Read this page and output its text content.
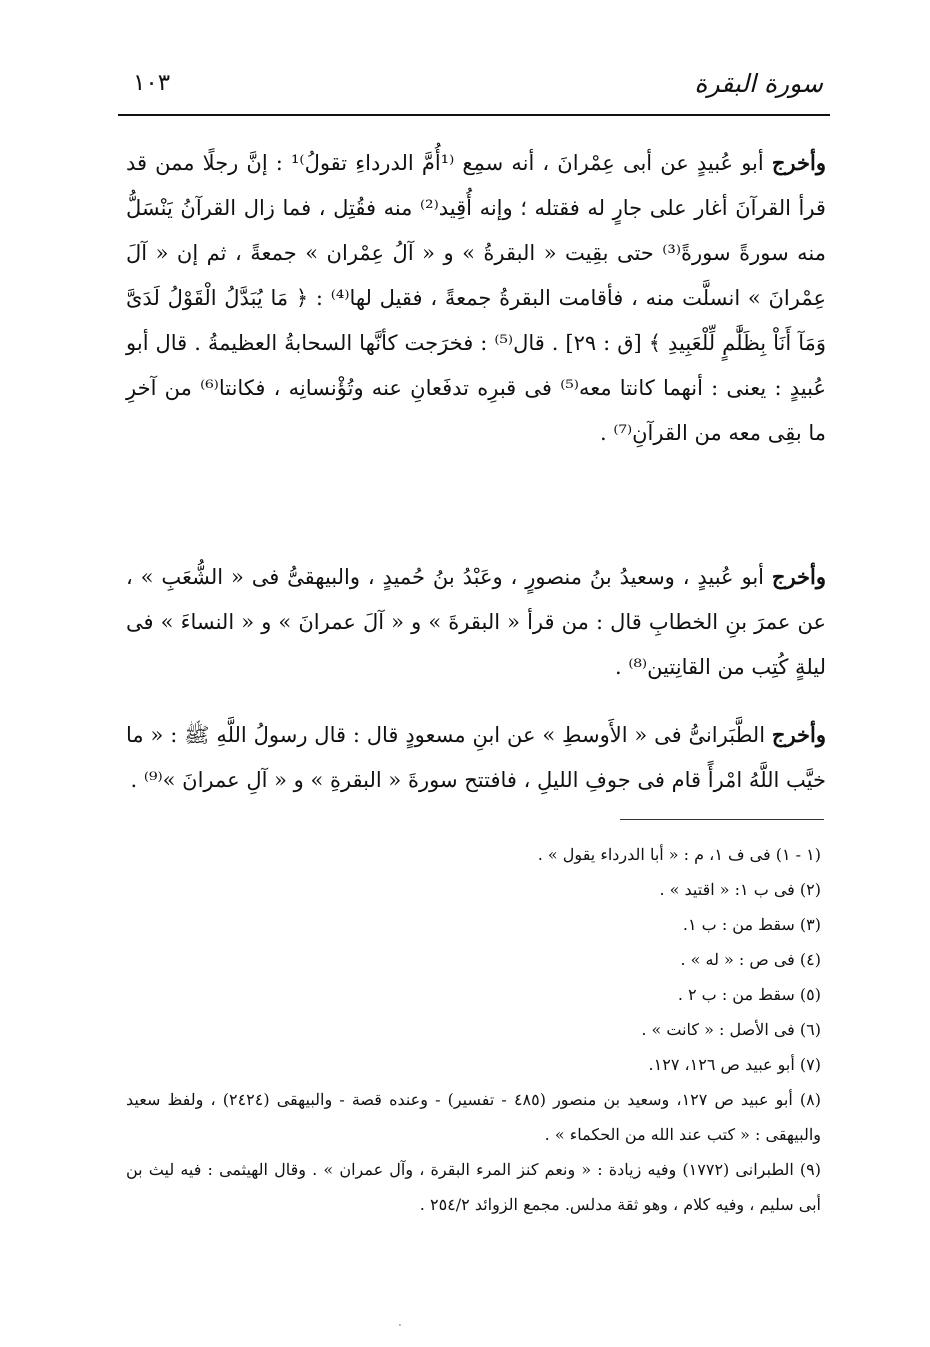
سورة البقرة
١٠٣

وأخرج أبو عُبيدٍ عن أبى عِمْرانَ ، أنه سمِع ⁽¹أُمَّ الدرداءِ تقولُ⁾¹ : إنَّ رجلًا ممن قد قرأ القرآنَ أغار على جارٍ له فقتله ؛ وإنه أُقِيد⁽²⁾ منه فقُتِل ، فما زال القرآنُ يَنْسَلُّ منه سورةً سورةً⁽³⁾ حتى بقِيت « البقرةُ » و « آلُ عِمْران » جمعةً ، ثم إن « آلَ عِمْرانَ » انسلَّت منه ، فأقامت البقرةُ جمعةً ، فقيل لها⁽⁴⁾ : ﴿ مَا يُبَدَّلُ الْقَوْلُ لَدَىَّ وَمَآ أَنَاْ بِظَلَّٰمٍ لِّلْعَبِيدِ ﴾ [ق : ٢٩] . قال⁽⁵⁾ : فخرَجت كأنَّها السحابةُ العظيمةُ . قال أبو عُبيدٍ : يعنى : أنهما كانتا معه⁽⁵⁾ فى قبرِه تدفَعانِ عنه وتُؤْنسانِه ، فكانتا⁽⁶⁾ من آخرِ ما بقِى معه من القرآنِ⁽⁷⁾ .

وأخرج أبو عُبيدٍ ، وسعيدُ بنُ منصورٍ ، وعَبْدُ بنُ حُميدٍ ، والبيهقىُّ فى « الشُّعَبِ » ، عن عمرَ بنِ الخطابِ قال : من قرأ « البقرةَ » و « آلَ عمرانَ » و « النساءَ » فى ليلةٍ كُتِب من القانِتين⁽⁸⁾ .

وأخرج الطَّبَرانىُّ فى « الأَوسطِ » عن ابنِ مسعودٍ قال : قال رسولُ اللَّهِ ﷺ : « ما خيَّب اللَّهُ امْرأً قام فى جوفِ الليلِ ، فافتتح سورةَ « البقرةِ » و « آلِ عمرانَ »⁽⁹⁾ .

(١ - ١) فى ف ١، م : « أبا الدرداء يقول » .

(٢) فى ب ١: « اقتيد » .

(٣) سقط من : ب ١.

(٤) فى ص : « له » .

(٥) سقط من : ب ٢ .

(٦) فى الأصل : « كانت » .

(٧) أبو عبيد ص ١٢٦، ١٢٧.

(٨) أبو عبيد ص ١٢٧، وسعيد بن منصور (٤٨٥ - تفسير) - وعنده قصة - والبيهقى (٢٤٢٤) ، ولفظ سعيد والبيهقى : « كتب عند الله من الحكماء » .

(٩) الطبرانى (١٧٧٢) وفيه زيادة : « ونعم كنز المرء البقرة ، وآل عمران » . وقال الهيثمى : فيه ليث بن أبى سليم ، وفيه كلام ، وهو ثقة مدلس. مجمع الزوائد ٢٥٤/٢ .

٠
